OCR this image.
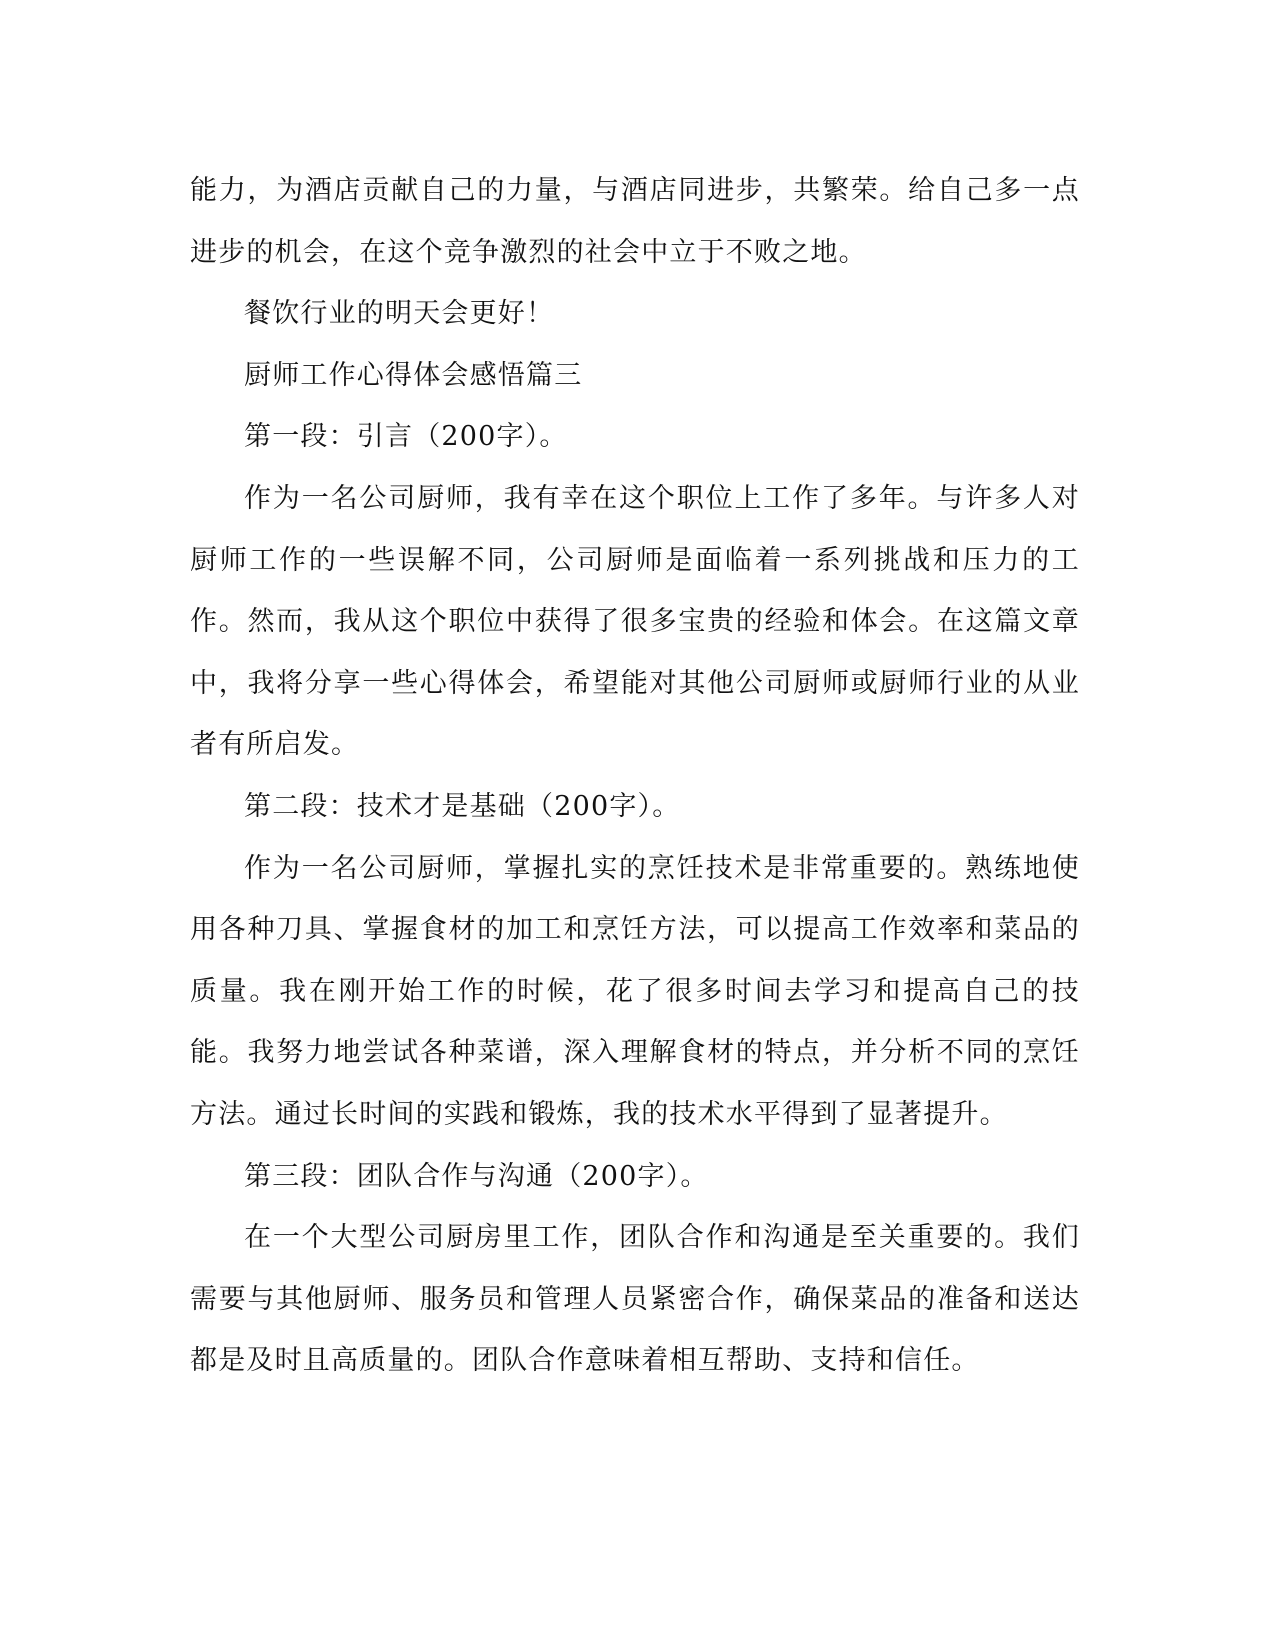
能力，为酒店贡献自己的力量，与酒店同进步，共繁荣。给自己多一点进步的机会，在这个竞争激烈的社会中立于不败之地。

餐饮行业的明天会更好！

厨师工作心得体会感悟篇三

第一段：引言（200字）。

作为一名公司厨师，我有幸在这个职位上工作了多年。与许多人对厨师工作的一些误解不同，公司厨师是面临着一系列挑战和压力的工作。然而，我从这个职位中获得了很多宝贵的经验和体会。在这篇文章中，我将分享一些心得体会，希望能对其他公司厨师或厨师行业的从业者有所启发。

第二段：技术才是基础（200字）。

作为一名公司厨师，掌握扎实的烹饪技术是非常重要的。熟练地使用各种刀具、掌握食材的加工和烹饪方法，可以提高工作效率和菜品的质量。我在刚开始工作的时候，花了很多时间去学习和提高自己的技能。我努力地尝试各种菜谱，深入理解食材的特点，并分析不同的烹饪方法。通过长时间的实践和锻炼，我的技术水平得到了显著提升。

第三段：团队合作与沟通（200字）。

在一个大型公司厨房里工作，团队合作和沟通是至关重要的。我们需要与其他厨师、服务员和管理人员紧密合作，确保菜品的准备和送达都是及时且高质量的。团队合作意味着相互帮助、支持和信任。
